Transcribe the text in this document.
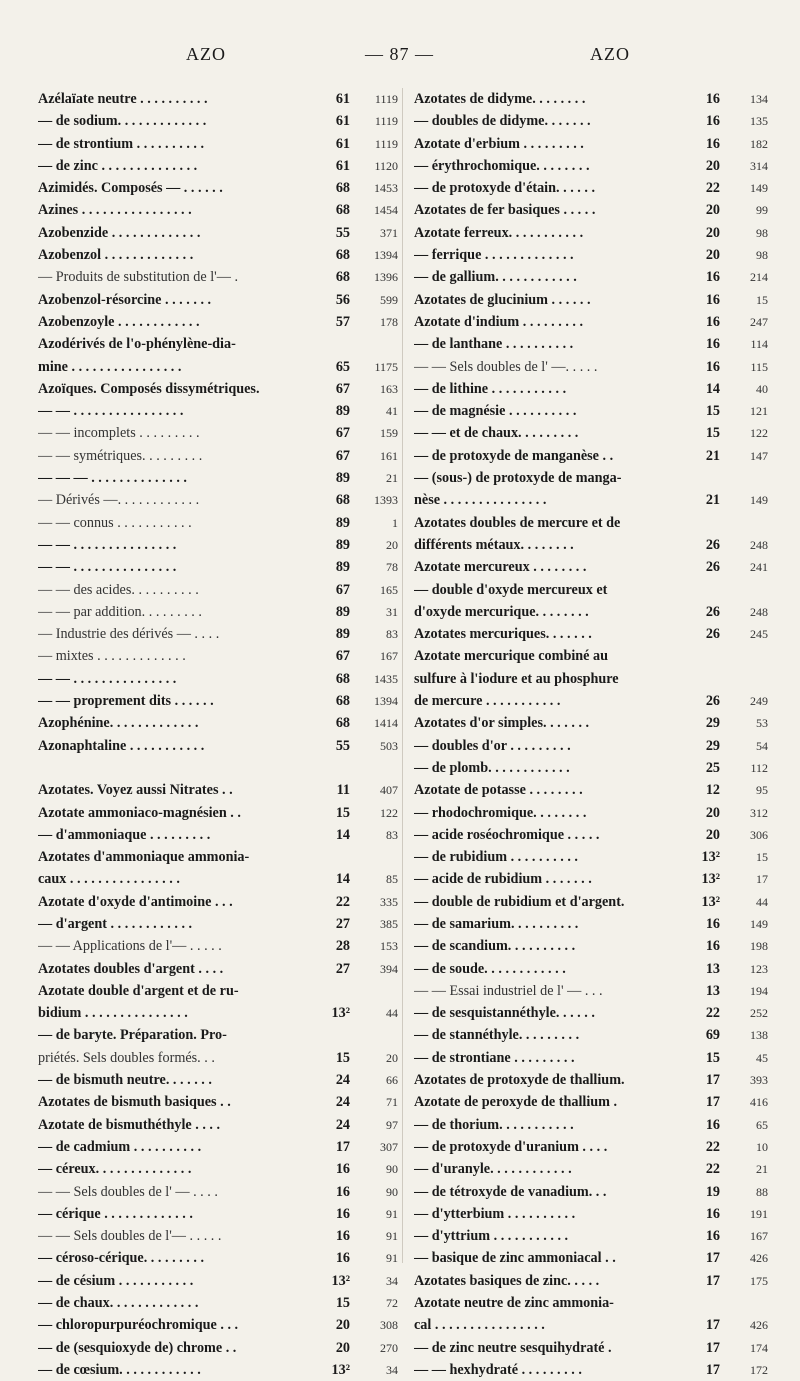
AZO	— 87 —	AZO
Azélaïate neutre . . . . . . . . . .	61	1119
— de sodium. . . . . . . . . . . . .	61	1119
— de strontium . . . . . . . . . .	61	1119
— de zinc . . . . . . . . . . . . . .	61	1120
Azimidés. Composés — . . . . . .	68	1453
Azines . . . . . . . . . . . . . . . .	68	1454
Azobenzide . . . . . . . . . . . . .	55	371
Azobenzol . . . . . . . . . . . . .	68	1394
— Produits de substitution de l'— .	68	1396
Azobenzol-résorcine . . . . . . .	56	599
Azobenzoyle . . . . . . . . . . . .	57	178
Azodérivés de l'o-phénylène-dia-
mine . . . . . . . . . . . . . . . .	65	1175
Azoïques. Composés dissymétriques.	67	163
— — . . . . . . . . . . . . . . . .	89	41
— — incomplets . . . . . . . . .	67	159
— — symétriques. . . . . . . . .	67	161
— — — . . . . . . . . . . . . . .	89	21
— Dérivés —. . . . . . . . . . . .	68	1393
— — connus . . . . . . . . . . .	89	1
— — . . . . . . . . . . . . . . .	89	20
— — . . . . . . . . . . . . . . .	89	78
— — des acides. . . . . . . . . .	67	165
— — par addition. . . . . . . . .	89	31
— Industrie des dérivés — . . . .	89	83
— mixtes . . . . . . . . . . . . .	67	167
— — . . . . . . . . . . . . . . .	68	1435
— — proprement dits . . . . . .	68	1394
Azophénine. . . . . . . . . . . . .	68	1414
Azonaphtaline . . . . . . . . . . .	55	503
Azotates. Voyez aussi Nitrates . .	11	407
Azotate ammoniaco-magnésien . .	15	122
— d'ammoniaque . . . . . . . . .	14	83
Azotates d'ammoniaque ammonia-
caux . . . . . . . . . . . . . . . .	14	85
Azotate d'oxyde d'antimoine . . .	22	335
— d'argent . . . . . . . . . . . .	27	385
— — Applications de l'— . . . . .	28	153
Azotates doubles d'argent . . . .	27	394
Azotate double d'argent et de ru-
bidium . . . . . . . . . . . . . . .	13²	44
— de baryte. Préparation. Pro-
priétés. Sels doubles formés. . .	15	20
— de bismuth neutre. . . . . . .	24	66
Azotates de bismuth basiques . .	24	71
Azotate de bismuthéthyle . . . .	24	97
— de cadmium . . . . . . . . . .	17	307
— céreux. . . . . . . . . . . . . .	16	90
— — Sels doubles de l' — . . . .	16	90
— cérique . . . . . . . . . . . . .	16	91
— — Sels doubles de l'— . . . . .	16	91
— céroso-cérique. . . . . . . . .	16	91
— de césium . . . . . . . . . . .	13²	34
— de chaux. . . . . . . . . . . . .	15	72
— chloropurpuréochromique . . .	20	308
— de (sesquioxyde de) chrome . .	20	270
— de cœsium. . . . . . . . . . . .	13²	34
Azotates de didyme. . . . . . . .	16	134
— doubles de didyme. . . . . . .	16	135
Azotate d'erbium . . . . . . . . .	16	182
— érythrochomique. . . . . . . .	20	314
— de protoxyde d'étain. . . . . .	22	149
Azotates de fer basiques . . . . .	20	99
Azotate ferreux. . . . . . . . . . .	20	98
— ferrique . . . . . . . . . . . . .	20	98
— de gallium. . . . . . . . . . . .	16	214
Azotates de glucinium . . . . . .	16	15
Azotate d'indium . . . . . . . . .	16	247
— de lanthane . . . . . . . . . .	16	114
— — Sels doubles de l' —. . . . .	16	115
— de lithine . . . . . . . . . . .	14	40
— de magnésie . . . . . . . . . .	15	121
— — et de chaux. . . . . . . . .	15	122
— de protoxyde de manganèse . .	21	147
— (sous-) de protoxyde de manga-
nèse . . . . . . . . . . . . . . .	21	149
Azotates doubles de mercure et de
différents métaux. . . . . . . .	26	248
Azotate mercureux . . . . . . . .	26	241
— double d'oxyde mercureux et
d'oxyde mercurique. . . . . . . .	26	248
Azotates mercuriques. . . . . . .	26	245
Azotate mercurique combiné au
sulfure à l'iodure et au phosphure
de mercure . . . . . . . . . . .	26	249
Azotates d'or simples. . . . . . .	29	53
— doubles d'or . . . . . . . . .	29	54
— de plomb. . . . . . . . . . . .	25	112
Azotate de potasse . . . . . . . .	12	95
— rhodochromique. . . . . . . .	20	312
— acide roséochromique . . . . .	20	306
— de rubidium . . . . . . . . . .	13²	15
— acide de rubidium . . . . . . .	13²	17
— double de rubidium et d'argent.	13²	44
— de samarium. . . . . . . . . .	16	149
— de scandium. . . . . . . . . .	16	198
— de soude. . . . . . . . . . . .	13	123
— — Essai industriel de l' — . . .	13	194
— de sesquistannéthyle. . . . . .	22	252
— de stannéthyle. . . . . . . . .	69	138
— de strontiane . . . . . . . . .	15	45
Azotates de protoxyde de thallium.	17	393
Azotate de peroxyde de thallium .	17	416
— de thorium. . . . . . . . . . .	16	65
— de protoxyde d'uranium . . . .	22	10
— d'uranyle. . . . . . . . . . . .	22	21
— de tétroxyde de vanadium. . .	19	88
— d'ytterbium . . . . . . . . . .	16	191
— d'yttrium . . . . . . . . . . .	16	167
— basique de zinc ammoniacal . .	17	426
Azotates basiques de zinc. . . . .	17	175
Azotate neutre de zinc ammonia-
cal . . . . . . . . . . . . . . . .	17	426
— de zinc neutre sesquihydraté .	17	174
— — hexhydraté . . . . . . . . .	17	172
